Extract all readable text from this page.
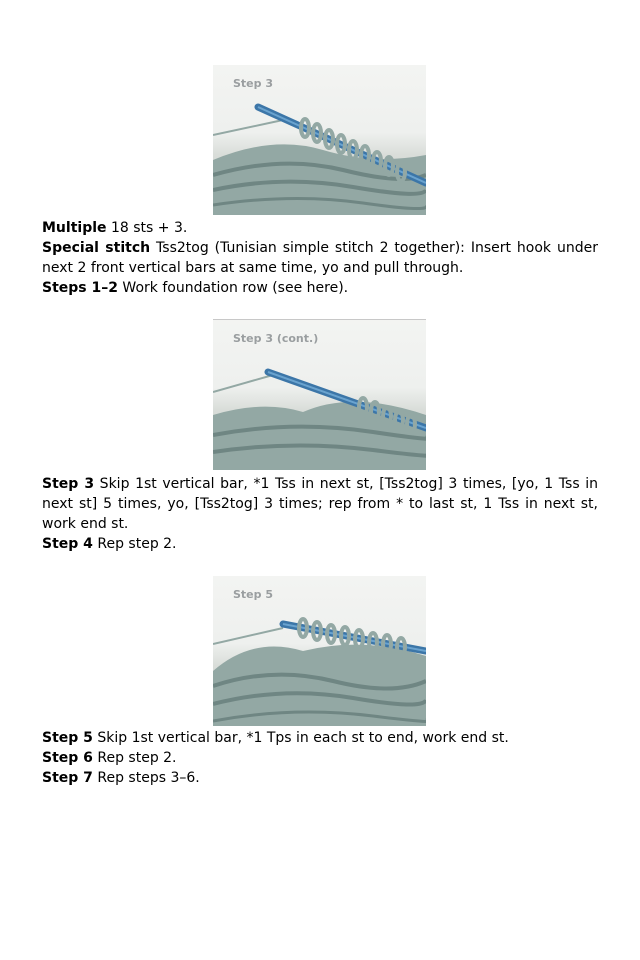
Step 3

Multiple 18 sts + 3.

Special stitch Tss2tog (Tunisian simple stitch 2 together): Insert hook under next 2 front vertical bars at same time, yo and pull through.

Steps 1–2 Work foundation row (see here).

Step 3 (cont.)

Step 3 Skip 1st vertical bar, *1 Tss in next st, [Tss2tog] 3 times, [yo, 1 Tss in next st] 5 times, yo, [Tss2tog] 3 times; rep from * to last st, 1 Tss in next st, work end st.

Step 4 Rep step 2.

Step 5

Step 5 Skip 1st vertical bar, *1 Tps in each st to end, work end st.

Step 6 Rep step 2.

Step 7 Rep steps 3–6.
